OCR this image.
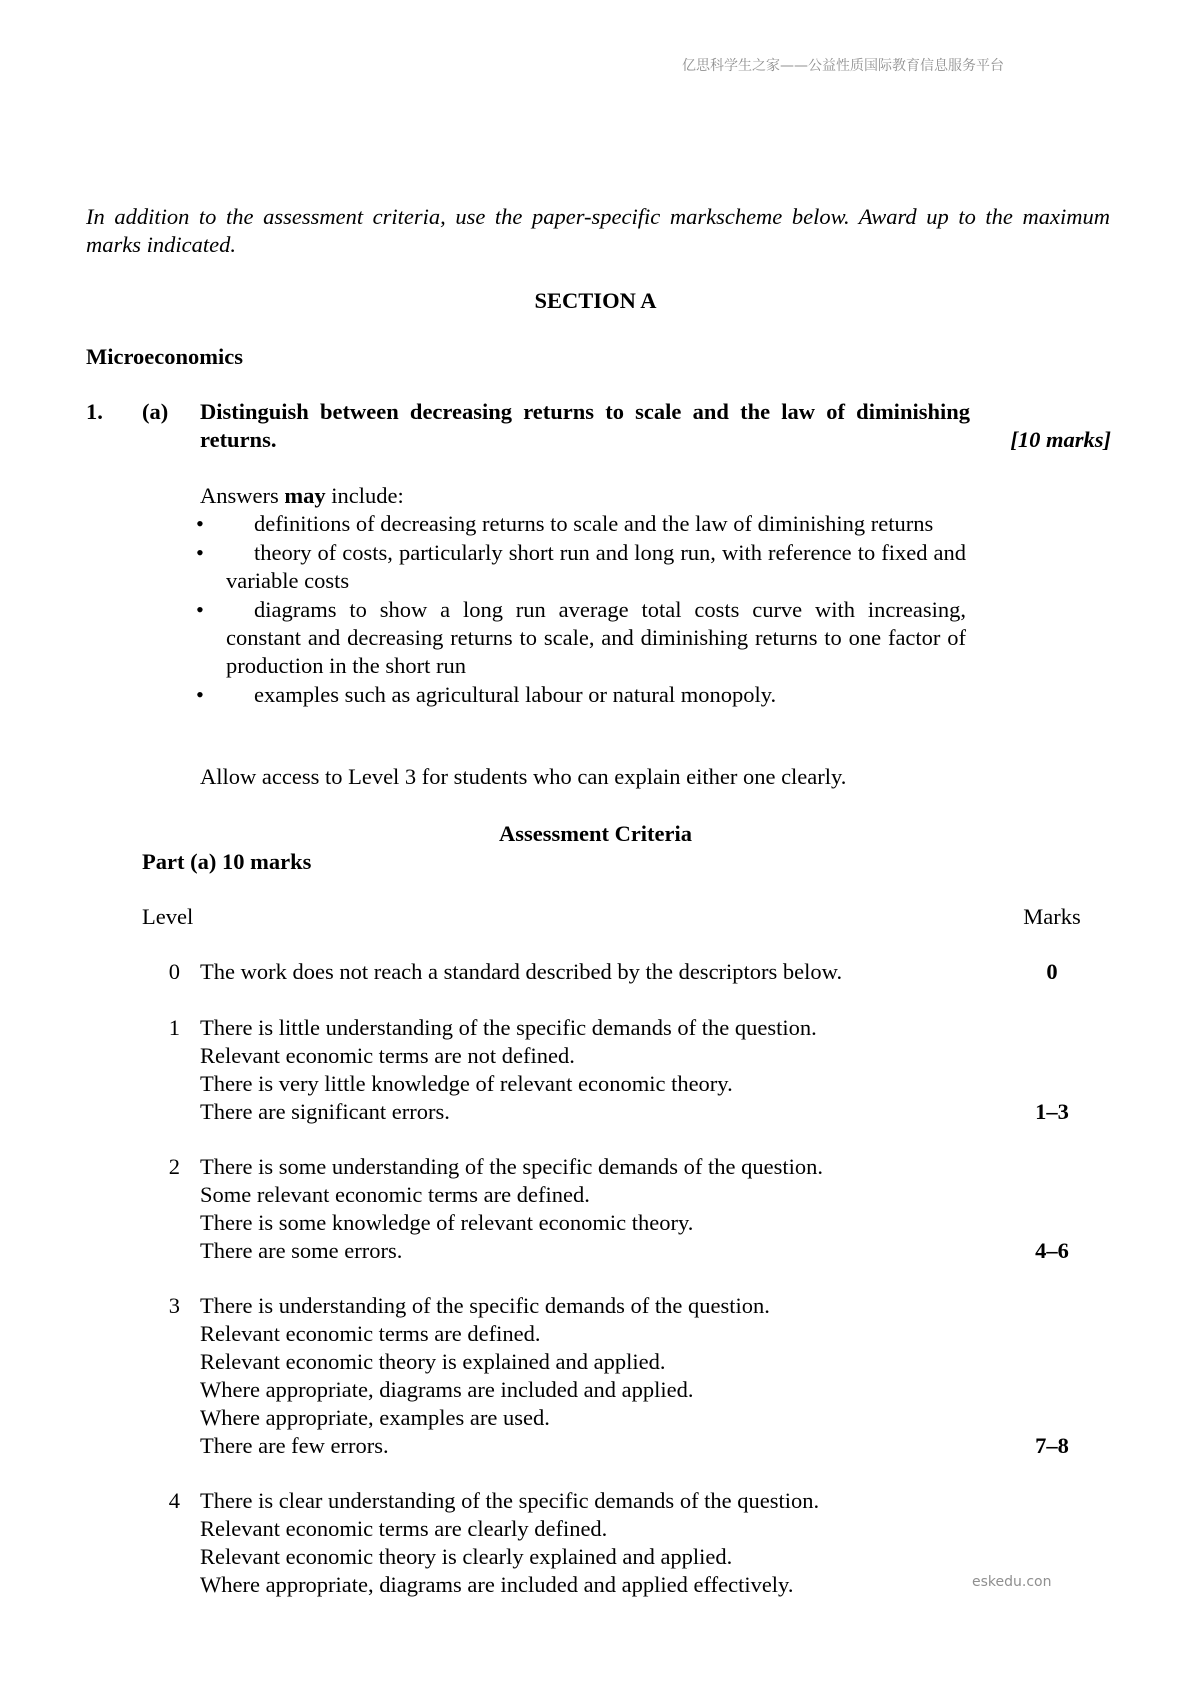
亿思科学生之家——公益性质国际教育信息服务平台
In addition to the assessment criteria, use the paper-specific markscheme below. Award up to the maximum marks indicated.
SECTION A
Microeconomics
1. (a) Distinguish between decreasing returns to scale and the law of diminishing returns.	[10 marks]
Answers may include:
•	definitions of decreasing returns to scale and the law of diminishing returns
•	theory of costs, particularly short run and long run, with reference to fixed and variable costs
•	diagrams to show a long run average total costs curve with increasing, constant and decreasing returns to scale, and diminishing returns to one factor of production in the short run
•	examples such as agricultural labour or natural monopoly.
Allow access to Level 3 for students who can explain either one clearly.
Assessment Criteria
Part (a) 10 marks
Level	Marks
0 The work does not reach a standard described by the descriptors below.	0
1 There is little understanding of the specific demands of the question.
Relevant economic terms are not defined.
There is very little knowledge of relevant economic theory.
There are significant errors.	1–3
2 There is some understanding of the specific demands of the question.
Some relevant economic terms are defined.
There is some knowledge of relevant economic theory.
There are some errors.	4–6
3 There is understanding of the specific demands of the question.
Relevant economic terms are defined.
Relevant economic theory is explained and applied.
Where appropriate, diagrams are included and applied.
Where appropriate, examples are used.
There are few errors.	7–8
4 There is clear understanding of the specific demands of the question.
Relevant economic terms are clearly defined.
Relevant economic theory is clearly explained and applied.
Where appropriate, diagrams are included and applied effectively.	eskedu.con
